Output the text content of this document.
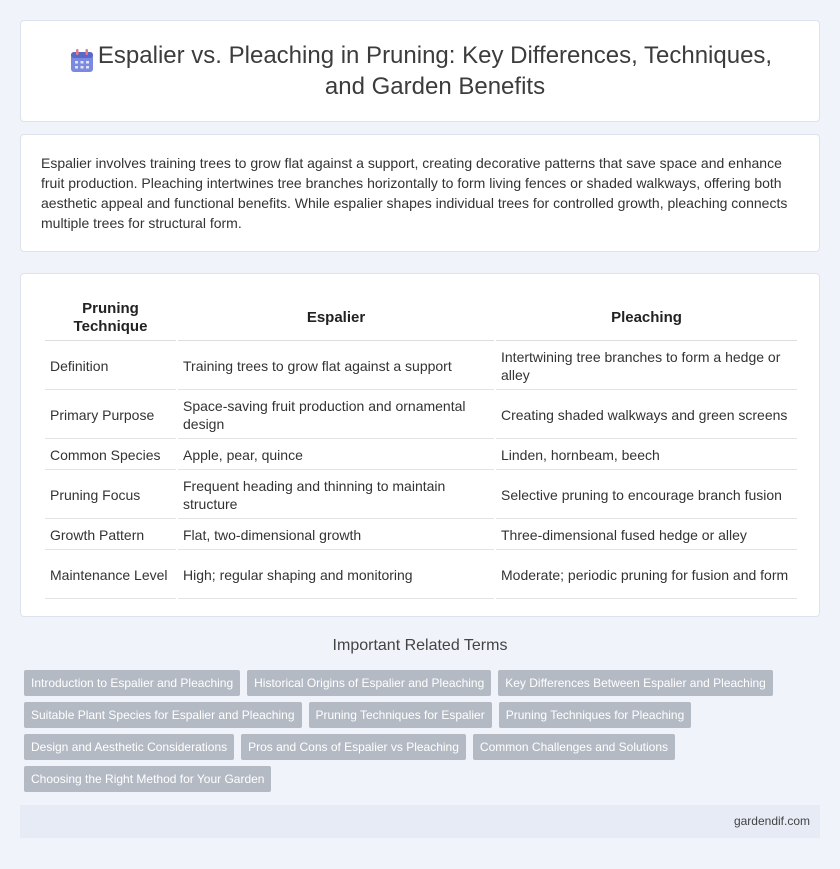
Espalier vs. Pleaching in Pruning: Key Differences, Techniques, and Garden Benefits

Espalier involves training trees to grow flat against a support, creating decorative patterns that save space and enhance fruit production. Pleaching intertwines tree branches horizontally to form living fences or shaded walkways, offering both aesthetic appeal and functional benefits. While espalier shapes individual trees for controlled growth, pleaching connects multiple trees for structural form.

Pruning Technique	Espalier	Pleaching
Definition	Training trees to grow flat against a support	Intertwining tree branches to form a hedge or alley
Primary Purpose	Space-saving fruit production and ornamental design	Creating shaded walkways and green screens
Common Species	Apple, pear, quince	Linden, hornbeam, beech
Pruning Focus	Frequent heading and thinning to maintain structure	Selective pruning to encourage branch fusion
Growth Pattern	Flat, two-dimensional growth	Three-dimensional fused hedge or alley
Maintenance Level	High; regular shaping and monitoring	Moderate; periodic pruning for fusion and form
Important Related Terms
Introduction to Espalier and Pleaching	Historical Origins of Espalier and Pleaching	Key Differences Between Espalier and Pleaching
Suitable Plant Species for Espalier and Pleaching	Pruning Techniques for Espalier	Pruning Techniques for Pleaching
Design and Aesthetic Considerations	Pros and Cons of Espalier vs Pleaching	Common Challenges and Solutions
Choosing the Right Method for Your Garden
gardendif.com
